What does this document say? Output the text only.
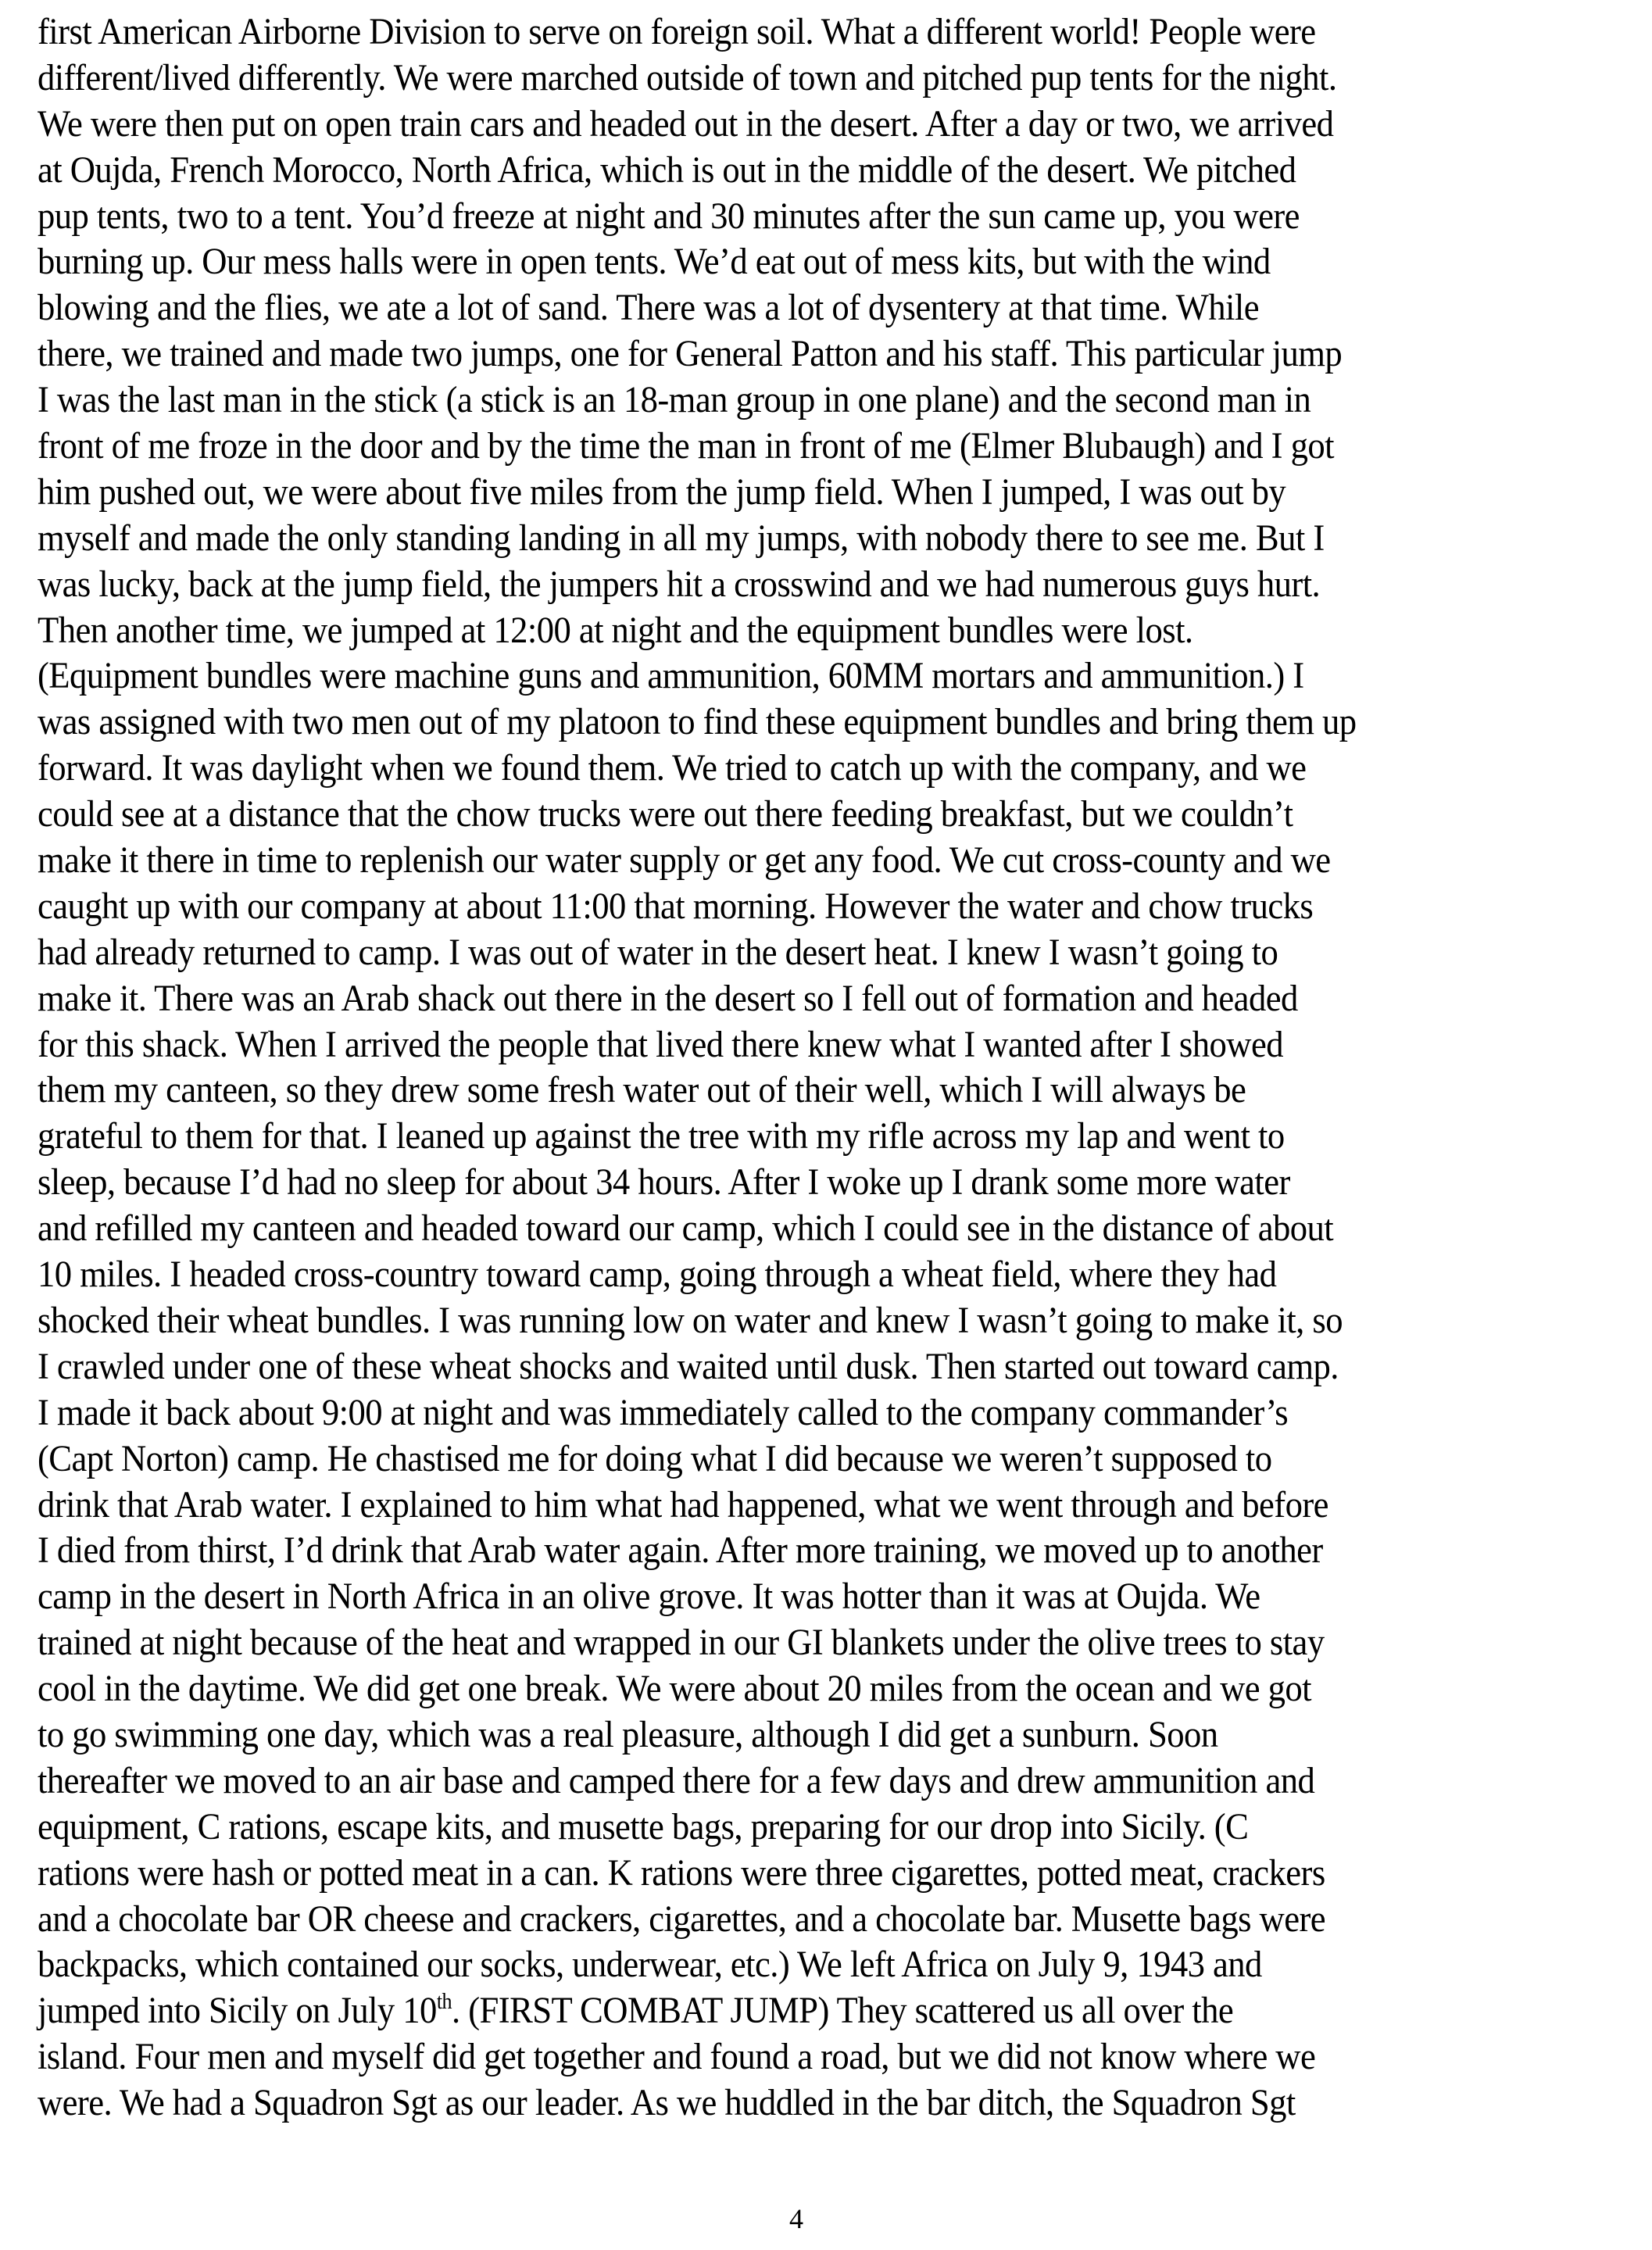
first American Airborne Division to serve on foreign soil. What a different world! People were
different/lived differently. We were marched outside of town and pitched pup tents for the night.
We were then put on open train cars and headed out in the desert. After a day or two, we arrived
at Oujda, French Morocco, North Africa, which is out in the middle of the desert. We pitched
pup tents, two to a tent. You’d freeze at night and 30 minutes after the sun came up, you were
burning up. Our mess halls were in open tents. We’d eat out of mess kits, but with the wind
blowing and the flies, we ate a lot of sand. There was a lot of dysentery at that time. While
there, we trained and made two jumps, one for General Patton and his staff. This particular jump
I was the last man in the stick (a stick is an 18-man group in one plane) and the second man in
front of me froze in the door and by the time the man in front of me (Elmer Blubaugh) and I got
him pushed out, we were about five miles from the jump field. When I jumped, I was out by
myself and made the only standing landing in all my jumps, with nobody there to see me. But I
was lucky, back at the jump field, the jumpers hit a crosswind and we had numerous guys hurt.
Then another time, we jumped at 12:00 at night and the equipment bundles were lost.
(Equipment bundles were machine guns and ammunition, 60MM mortars and ammunition.) I
was assigned with two men out of my platoon to find these equipment bundles and bring them up
forward. It was daylight when we found them. We tried to catch up with the company, and we
could see at a distance that the chow trucks were out there feeding breakfast, but we couldn’t
make it there in time to replenish our water supply or get any food. We cut cross-county and we
caught up with our company at about 11:00 that morning. However the water and chow trucks
had already returned to camp. I was out of water in the desert heat. I knew I wasn’t going to
make it. There was an Arab shack out there in the desert so I fell out of formation and headed
for this shack. When I arrived the people that lived there knew what I wanted after I showed
them my canteen, so they drew some fresh water out of their well, which I will always be
grateful to them for that. I leaned up against the tree with my rifle across my lap and went to
sleep, because I’d had no sleep for about 34 hours. After I woke up I drank some more water
and refilled my canteen and headed toward our camp, which I could see in the distance of about
10 miles. I headed cross-country toward camp, going through a wheat field, where they had
shocked their wheat bundles. I was running low on water and knew I wasn’t going to make it, so
I crawled under one of these wheat shocks and waited until dusk. Then started out toward camp.
I made it back about 9:00 at night and was immediately called to the company commander’s
(Capt Norton) camp. He chastised me for doing what I did because we weren’t supposed to
drink that Arab water. I explained to him what had happened, what we went through and before
I died from thirst, I’d drink that Arab water again. After more training, we moved up to another
camp in the desert in North Africa in an olive grove. It was hotter than it was at Oujda. We
trained at night because of the heat and wrapped in our GI blankets under the olive trees to stay
cool in the daytime. We did get one break. We were about 20 miles from the ocean and we got
to go swimming one day, which was a real pleasure, although I did get a sunburn. Soon
thereafter we moved to an air base and camped there for a few days and drew ammunition and
equipment, C rations, escape kits, and musette bags, preparing for our drop into Sicily. (C
rations were hash or potted meat in a can. K rations were three cigarettes, potted meat, crackers
and a chocolate bar OR cheese and crackers, cigarettes, and a chocolate bar. Musette bags were
backpacks, which contained our socks, underwear, etc.) We left Africa on July 9, 1943 and
jumped into Sicily on July 10th. (FIRST COMBAT JUMP) They scattered us all over the
island. Four men and myself did get together and found a road, but we did not know where we
were. We had a Squadron Sgt as our leader. As we huddled in the bar ditch, the Squadron Sgt
4
